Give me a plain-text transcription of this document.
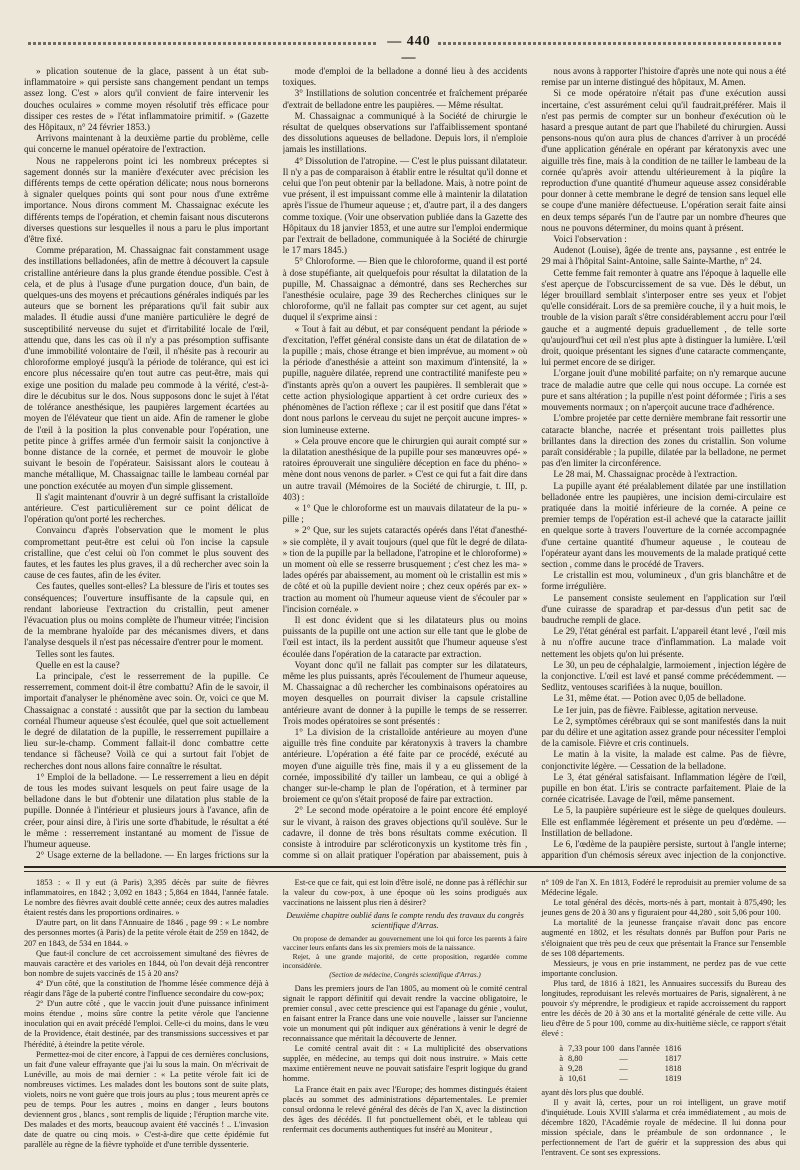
— 440 —

» plication soutenue de la glace, passent à un état sub-inflammatoire » qui persiste sans changement pendant un temps assez long. C'est » alors qu'il convient de faire intervenir les douches oculaires » comme moyen résolutif très efficace pour dissiper ces restes de » l'état inflammatoire primitif. » (Gazette des Hôpitaux, n° 24 février 1853.)

Arrivons maintenant à la deuxième partie du problème, celle qui concerne le manuel opératoire de l'extraction.

Nous ne rappelerons point ici les nombreux préceptes si sagement donnés sur la manière d'exécuter avec précision les différents temps de cette opération délicate; nous nous bornerons à signaler quelques points qui sont pour nous d'une extrême importance. Nous dirons comment M. Chassaignac exécute les différents temps de l'opération, et chemin faisant nous discuterons diverses questions sur lesquelles il nous a paru le plus important d'être fixé.

Comme préparation, M. Chassaignac fait constamment usage des instillations belladonées, afin de mettre à découvert la capsule cristalline antérieure dans la plus grande étendue possible. C'est à cela, et de plus à l'usage d'une purgation douce, d'un bain, de quelques-uns des moyens et précautions générales indiqués par les auteurs que se bornent les préparations qu'il fait subir aux malades. Il étudie aussi d'une manière particulière le degré de susceptibilité nerveuse du sujet et d'irritabilité locale de l'œil, attendu que, dans les cas où il n'y a pas présomption suffisante d'une immobilité volontaire de l'œil, il n'hésite pas à recourir au chloroforme employé jusqu'à la période de tolérance, qui est ici encore plus nécessaire qu'en tout autre cas peut-être, mais qui exige une position du malade peu commode à la vérité, c'est-à-dire le décubitus sur le dos. Nous supposons donc le sujet à l'état de tolérance anesthésique, les paupières largement écartées au moyen de l'élévateur que tient un aide. Afin de ramener le globe de l'œil à la position la plus convenable pour l'opération, une petite pince à griffes armée d'un fermoir saisit la conjonctive à bonne distance de la cornée, et permet de mouvoir le globe suivant le besoin de l'opérateur. Saisissant alors le couteau à manche métallique, M. Chassaignac taille le lambeau cornéal par une ponction exécutée au moyen d'un simple glissement.

Il s'agit maintenant d'ouvrir à un degré suffisant la cristalloïde antérieure. C'est particulièrement sur ce point délicat de l'opération qu'ont porté les recherches.

Convaincu d'après l'observation que le moment le plus compromettant peut-être est celui où l'on incise la capsule cristalline, que c'est celui où l'on commet le plus souvent des fautes, et les fautes les plus graves, il a dû rechercher avec soin la cause de ces fautes, afin de les éviter.

Ces fautes, quelles sont-elles? La blessure de l'iris et toutes ses conséquences; l'ouverture insuffisante de la capsule qui, en rendant laborieuse l'extraction du cristallin, peut amener l'évacuation plus ou moins complète de l'humeur vitrée; l'incision de la membrane hyaloïde par des mécanismes divers, et dans l'analyse desquels il n'est pas nécessaire d'entrer pour le moment.

Telles sont les fautes.

Quelle en est la cause?

La principale, c'est le resserrement de la pupille. Ce resserrement, comment doit-il être combattu? Afin de le savoir, il importait d'analyser le phénomène avec soin. Or, voici ce que M. Chassaignac a constaté : aussitôt que par la section du lambeau cornéal l'humeur aqueuse s'est écoulée, quel que soit actuellement le degré de dilatation de la pupille, le resserrement pupillaire a lieu sur-le-champ. Comment fallait-il donc combattre cette tendance si fâcheuse? Voilà ce qui a surtout fait l'objet de recherches dont nous allons faire connaître le résultat.

1° Emploi de la belladone. — Le resserrement a lieu en dépit de tous les modes suivant lesquels on peut faire usage de la belladone dans le but d'obtenir une dilatation plus stable de la pupille. Donnée à l'intérieur et plusieurs jours à l'avance, afin de créer, pour ainsi dire, à l'iris une sorte d'habitude, le résultat a été le même : resserrement instantané au moment de l'issue de l'humeur aqueuse.

2° Usage externe de la belladone. — En larges frictions sur la

mode d'emploi de la belladone a donné lieu à des accidents toxiques.

3° Instillations de solution concentrée et fraîchement préparée d'extrait de belladone entre les paupières. — Même résultat.

M. Chassaignac a communiqué à la Société de chirurgie le résultat de quelques observations sur l'affaiblissement spontané des dissolutions aqueuses de belladone. Depuis lors, il n'emploie jamais les instillations.

4° Dissolution de l'atropine. — C'est le plus puissant dilatateur. Il n'y a pas de comparaison à établir entre le résultat qu'il donne et celui que l'on peut obtenir par la belladone. Mais, à notre point de vue présent, il est impuissant comme elle à maintenir la dilatation après l'issue de l'humeur aqueuse ; et, d'autre part, il a des dangers comme toxique. (Voir une observation publiée dans la Gazette des Hôpitaux du 18 janvier 1853, et une autre sur l'emploi endermique par l'extrait de belladone, communiquée à la Société de chirurgie le 17 mars 1845.)

5° Chloroforme. — Bien que le chloroforme, quand il est porté à dose stupéfiante, ait quelquefois pour résultat la dilatation de la pupille, M. Chassaignac a démontré, dans ses Recherches sur l'anesthésie oculaire, page 39 des Recherches cliniques sur le chloroforme, qu'il ne fallait pas compter sur cet agent, au sujet duquel il s'exprime ainsi :

« Tout à fait au début, et par conséquent pendant la période » d'excitation, l'effet général consiste dans un état de dilatation de » la pupille ; mais, chose étrange et bien imprévue, au moment » où la période d'anesthésie a atteint son maximum d'intensité, la » pupille, naguère dilatée, reprend une contractilité manifeste peu » d'instants après qu'on a ouvert les paupières. Il semblerait que » cette action physiologique appartient à cet ordre curieux des » phénomènes de l'action réflexe ; car il est positif que dans l'état » dont nous parlons le cerveau du sujet ne perçoit aucune impres- » sion lumineuse externe.

» Cela prouve encore que le chirurgien qui aurait compté sur » la dilatation anesthésique de la pupille pour ses manœuvres opé- » ratoires éprouverait une singulière déception en face du phéno- » mène dont nous venons de parler. » C'est ce qui fut a fait dire dans un autre travail (Mémoires de la Société de chirurgie, t. III, p. 403) :

« 1° Que le chloroforme est un mauvais dilatateur de la pu- » pille ;

» 2° Que, sur les sujets cataractés opérés dans l'état d'anesthé- » sie complète, il y avait toujours (quel que fût le degré de dilata- » tion de la pupille par la belladone, l'atropine et le chloroforme) » un moment où elle se resserre brusquement ; c'est chez les ma- » lades opérés par abaissement, au moment où le cristallin est mis » de côté et où la pupille devient noire ; chez ceux opérés par ex- » traction au moment où l'humeur aqueuse vient de s'écouler par » l'incision cornéale. »

Il est donc évident que si les dilatateurs plus ou moins puissants de la pupille ont une action sur elle tant que le globe de l'œil est intact, ils la perdent aussitôt que l'humeur aqueuse s'est écoulée dans l'opération de la cataracte par extraction.

Voyant donc qu'il ne fallait pas compter sur les dilatateurs, même les plus puissants, après l'écoulement de l'humeur aqueuse, M. Chassaignac a dû rechercher les combinaisons opératoires au moyen desquelles on pourrait diviser la capsule cristalline antérieure avant de donner à la pupille le temps de se resserrer. Trois modes opératoires se sont présentés :

1° La division de la cristalloïde antérieure au moyen d'une aiguille très fine conduite par kératonyxis à travers la chambre antérieure. L'opération a été faite par ce procédé, exécuté au moyen d'une aiguille très fine, mais il y a eu glissement de la cornée, impossibilité d'y tailler un lambeau, ce qui a obligé à changer sur-le-champ le plan de l'opération, et à terminer par broiement ce qu'on s'était proposé de faire par extraction.

2° Le second mode opératoire a le point encore été employé sur le vivant, à raison des graves objections qu'il soulève. Sur le cadavre, il donne de très bons résultats comme exécution. Il consiste à introduire par scléroticonyxis un kystitome très fin , comme si on allait pratiquer l'opération par abaissement, puis à

nous avons à rapporter l'histoire d'après une note qui nous a été remise par un interne distingué des hôpitaux, M. Amen.

Si ce mode opératoire n'était pas d'une exécution aussi incertaine, c'est assurément celui qu'il faudrait,préférer. Mais il n'est pas permis de compter sur un bonheur d'exécution où le hasard a presque autant de part que l'habileté du chirurgien. Aussi pensons-nous qu'on aura plus de chances d'arriver à un procédé d'une application générale en opérant par kératonyxis avec une aiguille très fine, mais à la condition de ne tailler le lambeau de la cornée qu'après avoir attendu ultérieurement à la piqûre la reproduction d'une quantité d'humeur aqueuse assez considérable pour donner à cette membrane le degré de tension sans lequel elle se coupe d'une manière défectueuse. L'opération serait faite ainsi en deux temps séparés l'un de l'autre par un nombre d'heures que nous ne pouvons déterminer, du moins quant à présent.

Voici l'observation :

Audenot (Louise), âgée de trente ans, paysanne , est entrée le 29 mai à l'hôpital Saint-Antoine, salle Sainte-Marthe, n° 24.

Cette femme fait remonter à quatre ans l'époque à laquelle elle s'est aperçue de l'obscurcissement de sa vue. Dès le début, un léger brouillard semblait s'interposer entre ses yeux et l'objet qu'elle considérait. Lors de sa première couche, il y a huit mois, le trouble de la vision paraît s'être considérablement accru pour l'œil gauche et a augmenté depuis graduellement , de telle sorte qu'aujourd'hui cet œil n'est plus apte à distinguer la lumière. L'œil droit, quoique présentant les signes d'une cataracte commençante, lui permet encore de se diriger.

L'organe jouit d'une mobilité parfaite; on n'y remarque aucune trace de maladie autre que celle qui nous occupe. La cornée est pure et sans altération ; la pupille n'est point déformée ; l'iris a ses mouvements normaux ; on n'aperçoit aucune trace d'adhérence.

L'ombre projetée par cette dernière membrane fait ressortir une cataracte blanche, nacrée et présentant trois paillettes plus brillantes dans la direction des zones du cristallin. Son volume paraît considérable ; la pupille, dilatée par la belladone, ne permet pas d'en limiter la circonférence.

Le 28 mai, M. Chassaignac procède à l'extraction.

La pupille ayant été préalablement dilatée par une instillation belladonée entre les paupières, une incision demi-circulaire est pratiquée dans la moitié inférieure de la cornée. A peine ce premier temps de l'opération est-il achevé que la cataracte jaillit en quelque sorte à travers l'ouverture de la cornée accompagnée d'une certaine quantité d'humeur aqueuse , le couteau de l'opérateur ayant dans les mouvements de la malade pratiqué cette section , comme dans le procédé de Travers.

Le cristallin est mou, volumineux , d'un gris blanchâtre et de forme irrégulière.

Le pansement consiste seulement en l'application sur l'œil d'une cuirasse de sparadrap et par-dessus d'un petit sac de baudruche rempli de glace.

Le 29, l'état général est parfait. L'appareil étant levé , l'œil mis à nu n'offre aucune trace d'inflammation. La malade voit nettement les objets qu'on lui présente.

Le 30, un peu de céphalalgie, larmoiement , injection légère de la conjonctive. L'œil est lavé et pansé comme précédemment. — Sedlitz, ventouses scarifiées à la nuque, bouillon.

Le 31, même état. — Potion avec 0,05 de belladone.

Le 1er juin, pas de fièvre. Faiblesse, agitation nerveuse.

Le 2, symptômes cérébraux qui se sont manifestés dans la nuit par du délire et une agitation assez grande pour nécessiter l'emploi de la camisole. Fièvre et cris continuels.

Le matin à la visite, la malade est calme. Pas de fièvre, conjonctivite légère. — Cessation de la belladone.

Le 3, état général satisfaisant. Inflammation légère de l'œil, pupille en bon état. L'iris se contracte parfaitement. Plaie de la cornée cicatrisée. Lavage de l'œil, même pansement.

Le 5, la paupière supérieure est le siège de quelques douleurs. Elle est enflammée légèrement et présente un peu d'œdème. — Instillation de belladone.

Le 6, l'œdème de la paupière persiste, surtout à l'angle interne; apparition d'un chémosis séreux avec injection de la conjonctive.

1853 : « Il y eut (à Paris) 3,395 décès par suite de fièvres inflammatoires, en 1842 ; 3,092 en 1843 ; 5,864 en 1844, l'année fatale. Le nombre des fièvres avait doublé cette année; ceux des autres maladies étaient restés dans les proportions ordinaires. »

D'autre part, on lit dans l'Annuaire de 1846 , page 99 : « Le nombre des personnes mortes (à Paris) de la petite vérole était de 259 en 1842, de 207 en 1843, de 534 en 1844. »

Que faut-il conclure de cet accroissement simultané des fièvres de mauvais caractère et des varioles en 1844, où l'on devait déjà rencontrer bon nombre de sujets vaccinés de 15 à 20 ans?

4° D'un côté, que la constitution de l'homme lésée commence déjà à réagir dans l'âge de la puberté contre l'influence secondaire du cow-pox;

2° D'un autre côté , que le vaccin jouit d'une puissance infiniment moins étendue , moins sûre contre la petite vérole que l'ancienne inoculation qui en avait précédé l'emploi. Celle-ci du moins, dans le vœu de la Providence, était destinée, par des transmissions successives et par l'hérédité, à éteindre la petite vérole.

Permettez-moi de citer encore, à l'appui de ces dernières conclusions, un fait d'une valeur effrayante que j'ai lu sous la main. On m'écrivait de Lunéville, au mois de mai dernier : « La petite vérole fait ici de nombreuses victimes. Les malades dont les boutons sont de suite plats, violets, noirs ne vont guère que trois jours au plus ; tous meurent après ce peu de temps. Pour les autres , moins en danger , leurs boutons deviennent gros , blancs , sont remplis de liquide ; l'éruption marche vite. Des malades et des morts, beaucoup avaient été vaccinés ! .. L'invasion date de quatre ou cinq mois. » C'est-à-dire que cette épidémie fut parallèle au règne de la fièvre typhoïde et d'une terrible dyssenterie.

Est-ce que ce fait, qui est loin d'être isolé, ne donne pas à réfléchir sur la valeur du cow-pox, à une époque où les soins prodigués aux vaccinations ne laissent plus rien à désirer?

Deuxième chapitre oublié dans le compte rendu des travaux du congrès scientifique d'Arras.

On propose de demander au gouvernement une loi qui force les parents à faire vacciner leurs enfants dans les six premiers mois de la naissance.

Rejet, à une grande majorité, de cette proposition, regardée comme inconsidérée.

(Section de médecine, Congrès scientifique d'Arras.)

Dans les premiers jours de l'an 1805, au moment où le comité central signait le rapport définitif qui devait rendre la vaccine obligatoire, le premier consul , avec cette prescience qui est l'apanage du génie , voulut, en faisant entrer la France dans une voie nouvelle , laisser sur l'ancienne voie un monument qui pût indiquer aux générations à venir le degré de reconnaissance que méritait la découverte de Jenner.

Le comité central avait dit : « La multiplicité des observations supplée, en médecine, au temps qui doit nous instruire. » Mais cette maxime entièrement neuve ne pouvait satisfaire l'esprit logique du grand homme.

La France était en paix avec l'Europe; des hommes distingués étaient placés au sommet des administrations départementales. Le premier consul ordonna le relevé général des décès de l'an X, avec la distinction des âges des décédés. Il fut ponctuellement obéi, et le tableau qui renfermait ces documents authentiques fut inséré au Moniteur ,

n° 109 de l'an X. En 1813, Fodéré le reproduisit au premier volume de sa Médecine légale.

Le total général des décès, morts-nés à part, montait à 875,490; les jeunes gens de 20 à 30 ans y figuraient pour 44,280 , soit 5,06 pour 100.

La mortalité de la jeunesse française n'avait donc pas encore augmenté en 1802, et les résultats donnés par Buffon pour Paris ne s'éloignaient que très peu de ceux que présentait la France sur l'ensemble de ses 108 départements.

Messieurs, je vous en prie instamment, ne perdez pas de vue cette importante conclusion.

Plus tard, de 1816 à 1821, les Annuaires successifs du Bureau des longitudes, reproduisant les relevés mortuaires de Paris, signalèrent, à ne pouvoir s'y méprendre, le prodigieux et rapide accroissement du rapport entre les décès de 20 à 30 ans et la mortalité générale de cette ville. Au lieu d'être de 5 pour 100, comme au dix-huitième siècle, ce rapport s'était élevé :

à	7,33 pour 100	dans l'année	1816
à	8,80	—	1817
à	9,28	—	1818
à	10,61	—	1819

ayant dès lors plus que doublé.

Il y avait là, certes, pour un roi intelligent, un grave motif d'inquiétude. Louis XVIII s'alarma et créa immédiatement , au mois de décembre 1820, l'Académie royale de médecine. Il lui donna pour mission spéciale, dans le préambule de son ordonnance , le perfectionnement de l'art de guérir et la suppression des abus qui l'entravent. Ce sont ses expressions.
